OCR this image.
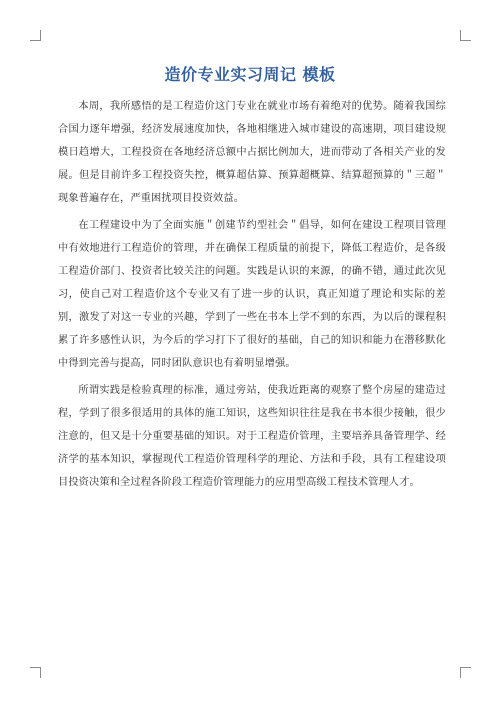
造价专业实习周记 模板

本周，我所感悟的是工程造价这门专业在就业市场有着绝对的优势。随着我国综合国力逐年增强，经济发展速度加快，各地相继进入城市建设的高速期，项目建设规模日趋增大，工程投资在各地经济总额中占据比例加大，进而带动了各相关产业的发展。但是目前许多工程投资失控，概算超估算、预算超概算、结算超预算的＂三超＂现象普遍存在，严重困扰项目投资效益。

在工程建设中为了全面实施＂创建节约型社会＂倡导，如何在建设工程项目管理中有效地进行工程造价的管理，并在确保工程质量的前提下，降低工程造价，是各级工程造价部门、投资者比较关注的问题。实践是认识的来源，的确不错，通过此次见习，使自己对工程造价这个专业又有了进一步的认识，真正知道了理论和实际的差别，激发了对这一专业的兴趣，学到了一些在书本上学不到的东西，为以后的课程积累了许多感性认识，为今后的学习打下了很好的基础，自己的知识和能力在潜移默化中得到完善与提高，同时团队意识也有着明显增强。

所谓实践是检验真理的标准，通过旁站，使我近距离的观察了整个房屋的建造过程，学到了很多很适用的具体的施工知识，这些知识往往是我在书本很少接触，很少注意的，但又是十分重要基础的知识。对于工程造价管理，主要培养具备管理学、经济学的基本知识，掌握现代工程造价管理科学的理论、方法和手段，具有工程建设项目投资决策和全过程各阶段工程造价管理能力的应用型高级工程技术管理人才。
